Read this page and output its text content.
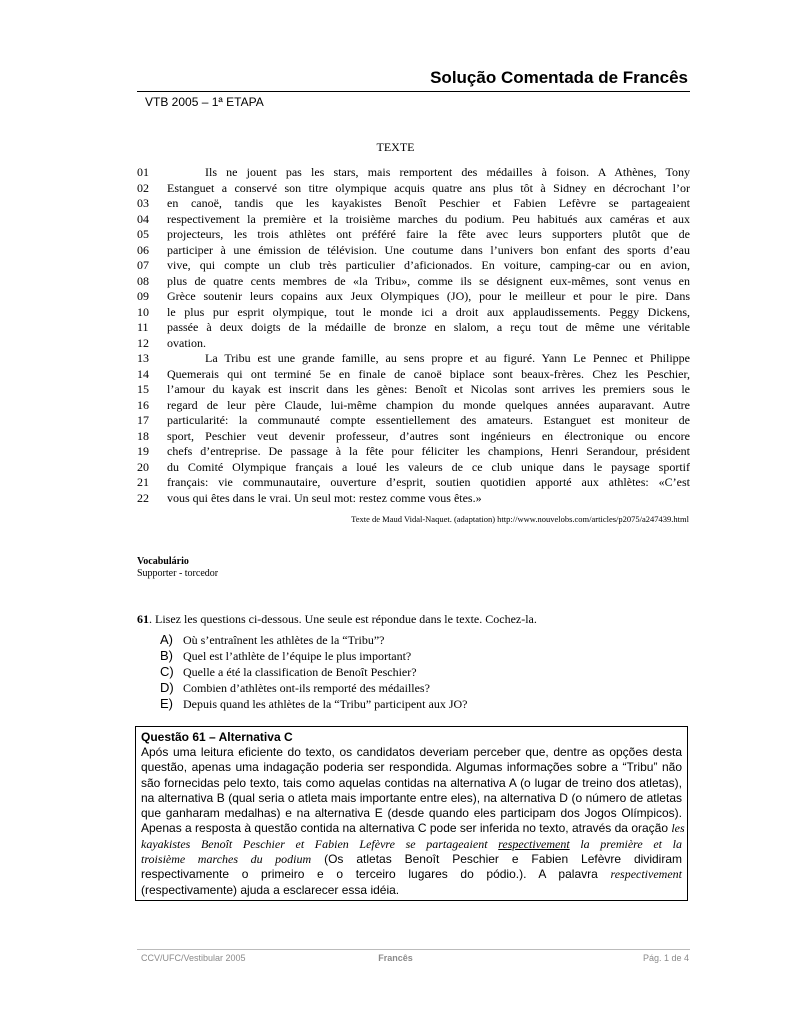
Solução Comentada de Francês
VTB 2005 – 1ª ETAPA
TEXTE
01	Ils ne jouent pas les stars, mais remportent des médailles à foison. A Athènes, Tony
02	Estanguet a conservé son titre olympique acquis quatre ans plus tôt à Sidney en décrochant l’or
03	en canoë, tandis que les kayakistes Benoît Peschier et Fabien Lefèvre se partageaient
04	respectivement la première et la troisième marches du podium. Peu habitués aux caméras et aux
05	projecteurs, les trois athlètes ont préféré faire la fête avec leurs supporters plutôt que de
06	participer à une émission de télévision. Une coutume dans l’univers bon enfant des sports d’eau
07	vive, qui compte un club très particulier d’aficionados. En voiture, camping-car ou en avion,
08	plus de quatre cents membres de «la Tribu», comme ils se désignent eux-mêmes, sont venus en
09	Grèce soutenir leurs copains aux Jeux Olympiques (JO), pour le meilleur et pour le pire. Dans
10	le plus pur esprit olympique, tout le monde ici a droit aux applaudissements. Peggy Dickens,
11	passée à deux doigts de la médaille de bronze en slalom, a reçu tout de même une véritable
12	ovation.
13	La Tribu est une grande famille, au sens propre et au figuré. Yann Le Pennec et Philippe
14	Quemerais qui ont terminé 5e en finale de canoë biplace sont beaux-frères. Chez les Peschier,
15	l’amour du kayak est inscrit dans les gènes: Benoît et Nicolas sont arrives les premiers sous le
16	regard de leur père Claude, lui-même champion du monde quelques années auparavant. Autre
17	particularité: la communauté compte essentiellement des amateurs. Estanguet est moniteur de
18	sport, Peschier veut devenir professeur, d’autres sont ingénieurs en électronique ou encore
19	chefs d’entreprise. De passage à la fête pour féliciter les champions, Henri Serandour, président
20	du Comité Olympique français a loué les valeurs de ce club unique dans le paysage sportif
21	français: vie communautaire, ouverture d’esprit, soutien quotidien apporté aux athlètes: «C’est
22	vous qui êtes dans le vrai. Un seul mot: restez comme vous êtes.»
Texte de Maud Vidal-Naquet. (adaptation) http://www.nouvelobs.com/articles/p2075/a247439.html
Vocabulário
Supporter - torcedor
61. Lisez les questions ci-dessous. Une seule est répondue dans le texte. Cochez-la.
A) Où s’entraînent les athlètes de la “Tribu”?
B) Quel est l’athlète de l’équipe le plus important?
C) Quelle a été la classification de Benoît Peschier?
D) Combien d’athlètes ont-ils remporté des médailles?
E) Depuis quand les athlètes de la “Tribu” participent aux JO?
Questão 61 – Alternativa C
Após uma leitura eficiente do texto, os candidatos deveriam perceber que, dentre as opções desta
questão, apenas uma indagação poderia ser respondida. Algumas informações sobre a “Tribu” não
são fornecidas pelo texto, tais como aquelas contidas na alternativa A (o lugar de treino dos atletas),
na alternativa B (qual seria o atleta mais importante entre eles), na alternativa D (o número de atletas
que ganharam medalhas) e na alternativa E (desde quando eles participam dos Jogos Olímpicos).
Apenas a resposta à questão contida na alternativa C pode ser inferida no texto, através da oração les
kayakistes Benoît Peschier et Fabien Lefèvre se partageaient respectivement la première et la
troisième marches du podium (Os atletas Benoît Peschier e Fabien Lefèvre dividiram
respectivamente o primeiro e o terceiro lugares do pódio.). A palavra respectivement
(respectivamente) ajuda a esclarecer essa idéia.
CCV/UFC/Vestibular 2005	Francês	Pág. 1 de 4
